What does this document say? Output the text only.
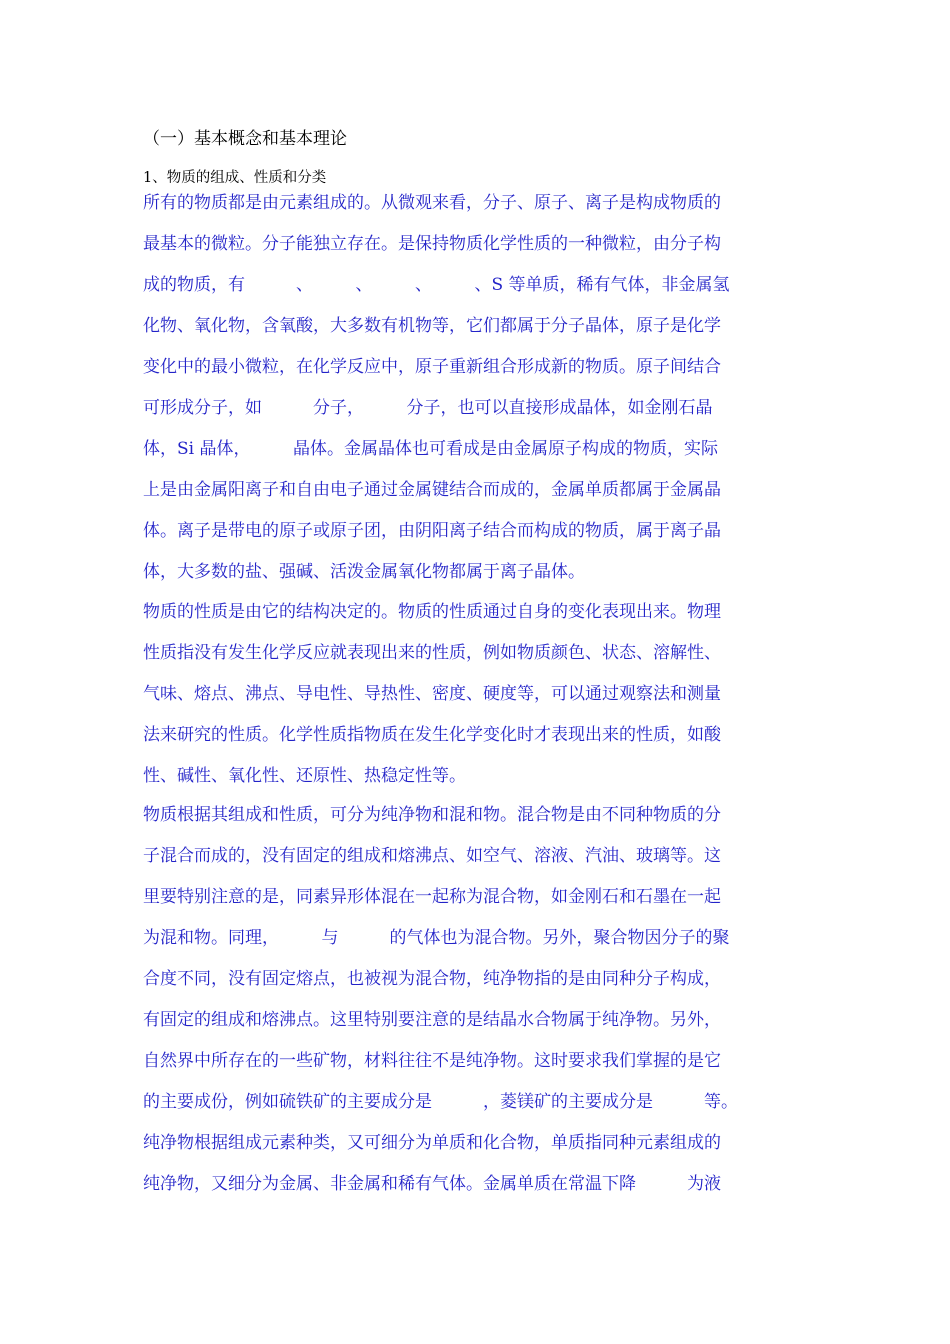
（一）基本概念和基本理论
1、物质的组成、性质和分类
所有的物质都是由元素组成的。从微观来看，分子、原子、离子是构成物质的
最基本的微粒。分子能独立存在。是保持物质化学性质的一种微粒，由分子构
成的物质，有　　　、　　　、　　　、　　　、S 等单质，稀有气体，非金属氢
化物、氧化物，含氧酸，大多数有机物等，它们都属于分子晶体，原子是化学
变化中的最小微粒，在化学反应中，原子重新组合形成新的物质。原子间结合
可形成分子，如　　　分子，　　　分子，也可以直接形成晶体，如金刚石晶
体，Si 晶体，　　　晶体。金属晶体也可看成是由金属原子构成的物质，实际
上是由金属阳离子和自由电子通过金属键结合而成的，金属单质都属于金属晶
体。离子是带电的原子或原子团，由阴阳离子结合而构成的物质，属于离子晶
体，大多数的盐、强碱、活泼金属氧化物都属于离子晶体。
物质的性质是由它的结构决定的。物质的性质通过自身的变化表现出来。物理
性质指没有发生化学反应就表现出来的性质，例如物质颜色、状态、溶解性、
气味、熔点、沸点、导电性、导热性、密度、硬度等，可以通过观察法和测量
法来研究的性质。化学性质指物质在发生化学变化时才表现出来的性质，如酸
性、碱性、氧化性、还原性、热稳定性等。
物质根据其组成和性质，可分为纯净物和混和物。混合物是由不同种物质的分
子混合而成的，没有固定的组成和熔沸点、如空气、溶液、汽油、玻璃等。这
里要特别注意的是，同素异形体混在一起称为混合物，如金刚石和石墨在一起
为混和物。同理，　　　与　　　的气体也为混合物。另外，聚合物因分子的聚
合度不同，没有固定熔点，也被视为混合物，纯净物指的是由同种分子构成，
有固定的组成和熔沸点。这里特别要注意的是结晶水合物属于纯净物。另外，
自然界中所存在的一些矿物，材料往往不是纯净物。这时要求我们掌握的是它
的主要成份，例如硫铁矿的主要成分是　　　，菱镁矿的主要成分是　　　等。
纯净物根据组成元素种类，又可细分为单质和化合物，单质指同种元素组成的
纯净物，又细分为金属、非金属和稀有气体。金属单质在常温下降　　　为液
